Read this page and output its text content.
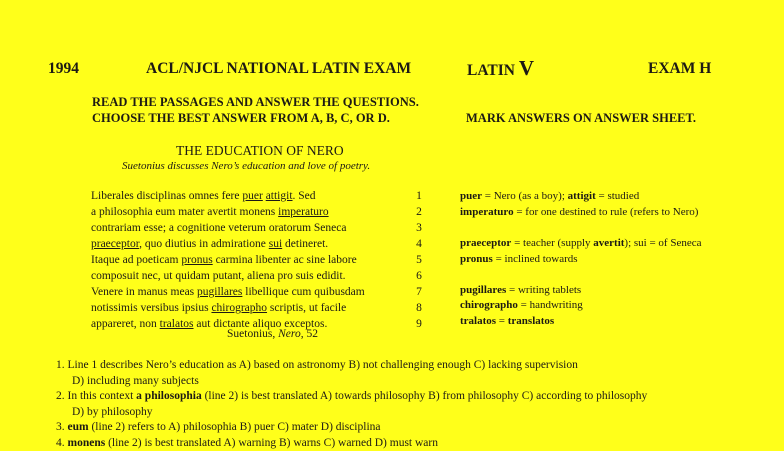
1994	ACL/NJCL NATIONAL LATIN EXAM	LATIN V	EXAM H
READ THE PASSAGES AND ANSWER THE QUESTIONS.
CHOOSE THE BEST ANSWER FROM A, B, C, OR D.	MARK ANSWERS ON ANSWER SHEET.
THE EDUCATION OF NERO
Suetonius discusses Nero’s education and love of poetry.
Liberales disciplinas omnes fere puer attigit. Sed	1
a philosophia eum mater avertit monens imperaturo	2
contrariam esse; a cognitione veterum oratorum Seneca	3
praeceptor, quo diutius in admiratione sui detineret.	4
Itaque ad poeticam pronus carmina libenter ac sine labore	5
composuit nec, ut quidam putant, aliena pro suis edidit.	6
Venere in manus meas pugillares libellique cum quibusdam	7
notissimis versibus ipsius chirographo scriptis, ut facile	8
appareret, non tralatos aut dictante aliquo exceptos.	9
Suetonius, Nero, 52
puer = Nero (as a boy); attigit = studied
imperaturo = for one destined to rule (refers to Nero)
praeceptor = teacher (supply avertit); sui = of Seneca
pronus = inclined towards
pugillares = writing tablets
chirographo = handwriting
tralatos = translatos
1. Line 1 describes Nero’s education as A) based on astronomy B) not challenging enough C) lacking supervision
D) including many subjects
2. In this context a philosophia (line 2) is best translated A) towards philosophy B) from philosophy C) according to philosophy
D) by philosophy
3. eum (line 2) refers to A) philosophia B) puer C) mater D) disciplina
4. monens (line 2) is best translated A) warning B) warns C) warned D) must warn
